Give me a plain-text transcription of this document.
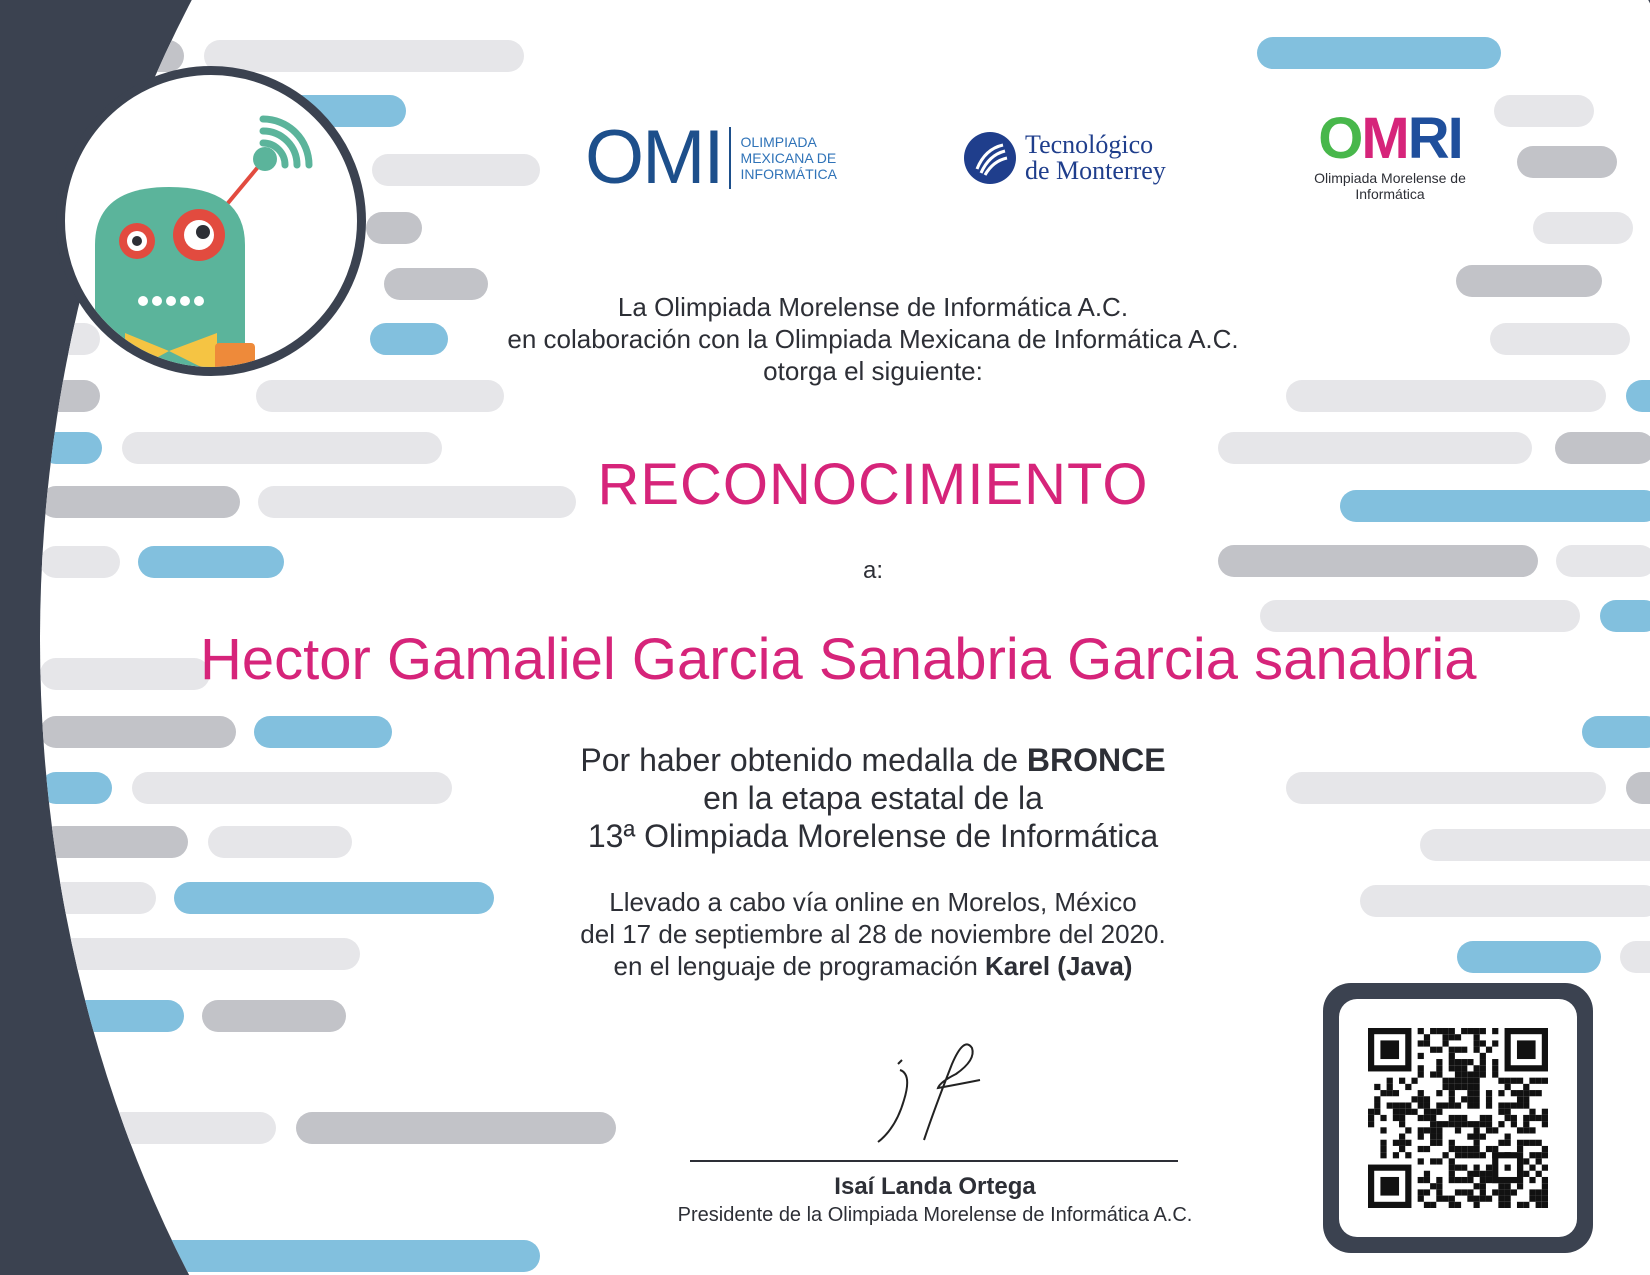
OMI OLIMPIADA
MEXICANA DE
INFORMÁTICA
Tecnológico
de Monterrey	OMRI
Olimpiada Morelense de
Informática
La Olimpiada Morelense de Informática A.C.
en colaboración con la Olimpiada Mexicana de Informática A.C.
otorga el siguiente:
RECONOCIMIENTO
a:
Hector Gamaliel Garcia Sanabria Garcia sanabria
Por haber obtenido medalla de BRONCE
en la etapa estatal de la
13ª Olimpiada Morelense de Informática
Llevado a cabo vía online en Morelos, México
del 17 de septiembre al 28 de noviembre del 2020.
en el lenguaje de programación Karel (Java)
Isaí Landa Ortega
Presidente de la Olimpiada Morelense de Informática A.C.
